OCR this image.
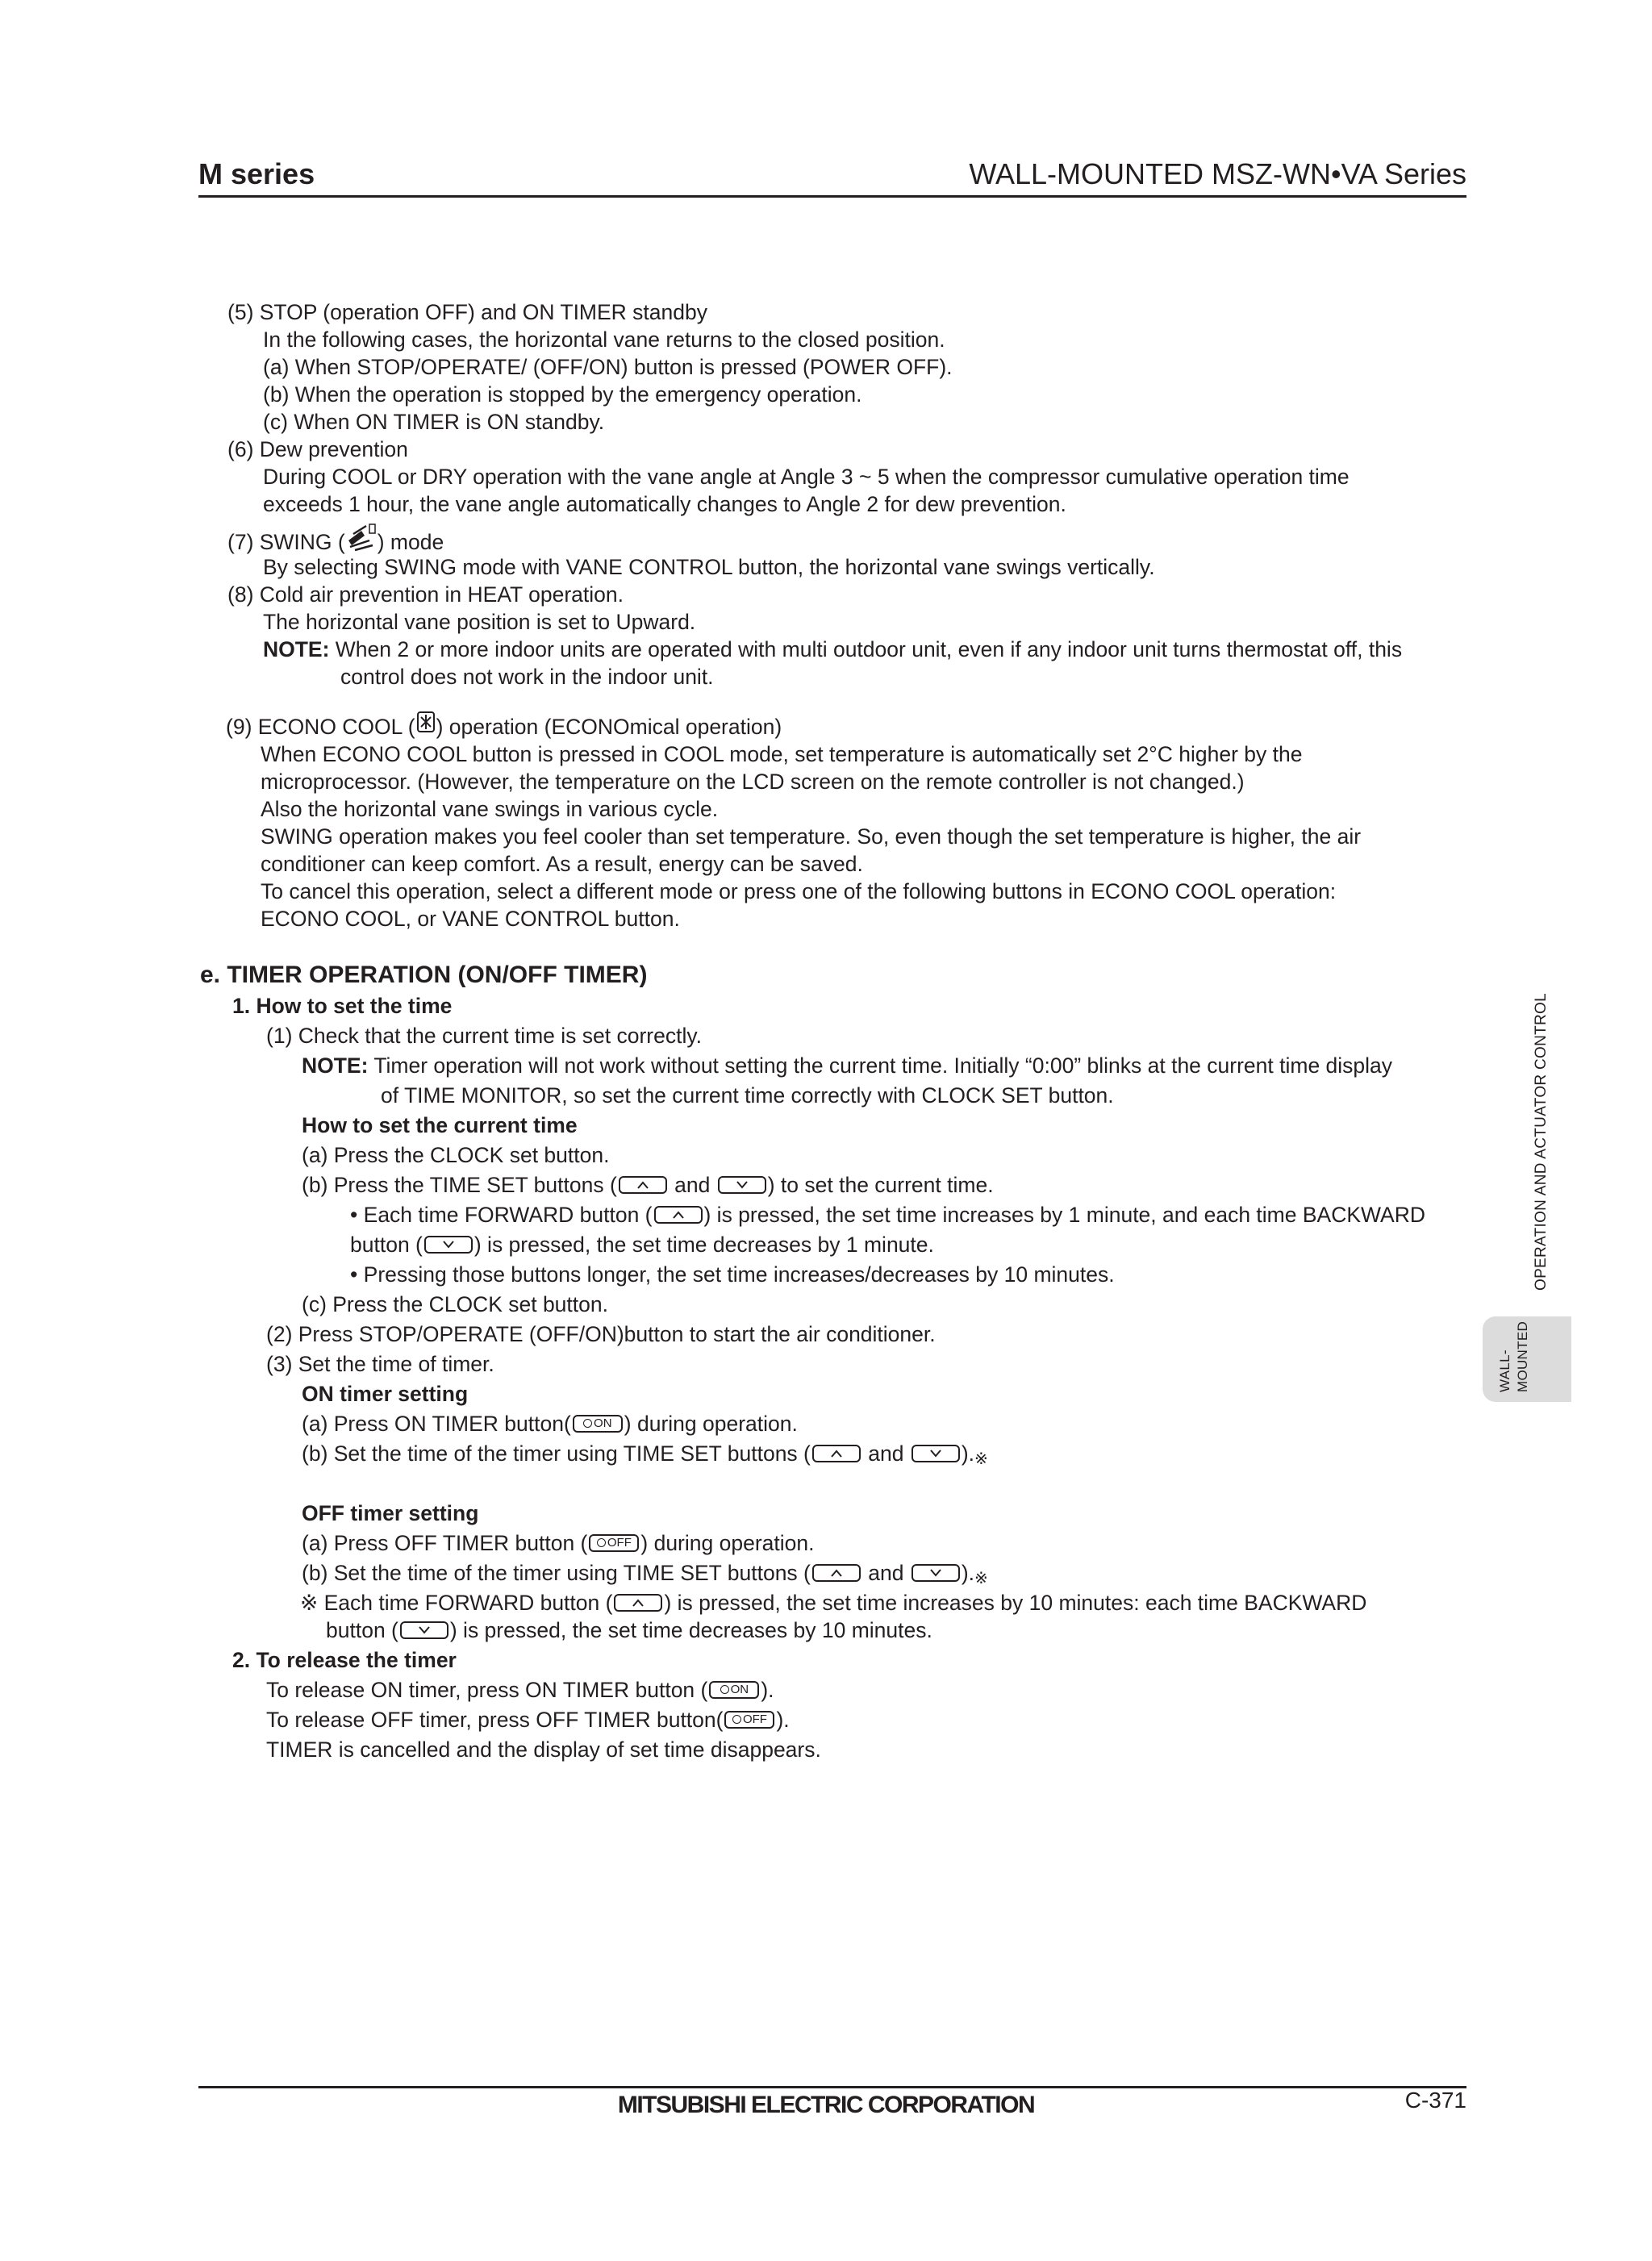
M series	WALL-MOUNTED MSZ-WN•VA Series
(5) STOP (operation OFF) and ON TIMER standby
In the following cases, the horizontal vane returns to the closed position.
(a) When STOP/OPERATE/ (OFF/ON) button is pressed (POWER OFF).
(b) When the operation is stopped by the emergency operation.
(c) When ON TIMER is ON standby.
(6) Dew prevention
During COOL or DRY operation with the vane angle at Angle 3 ~ 5 when the compressor cumulative operation time
exceeds 1 hour, the vane angle automatically changes to Angle 2 for dew prevention.
(7) SWING ( ) mode
By selecting SWING mode with VANE CONTROL button, the horizontal vane swings vertically.
(8) Cold air prevention in HEAT operation.
The horizontal vane position is set to Upward.
NOTE: When 2 or more indoor units are operated with multi outdoor unit, even if any indoor unit turns thermostat off, this
control does not work in the indoor unit.
(9) ECONO COOL ( ) operation (ECONOmical operation)
When ECONO COOL button is pressed in COOL mode, set temperature is automatically set 2°C higher by the
microprocessor. (However, the temperature on the LCD screen on the remote controller is not changed.)
Also the horizontal vane swings in various cycle.
SWING operation makes you feel cooler than set temperature. So, even though the set temperature is higher, the air
conditioner can keep comfort. As a result, energy can be saved.
To cancel this operation, select a different mode or press one of the following buttons in ECONO COOL operation:
ECONO COOL, or VANE CONTROL button.
e. TIMER OPERATION (ON/OFF TIMER)
1. How to set the time
(1) Check that the current time is set correctly.
NOTE: Timer operation will not work without setting the current time. Initially “0:00” blinks at the current time display
of TIME MONITOR, so set the current time correctly with CLOCK SET button.
How to set the current time
(a) Press the CLOCK set button.
(b) Press the TIME SET buttons (
and
) to set the current time.
• Each time FORWARD button ( ) is pressed, the set time increases by 1 minute, and each time BACKWARD
button ( ) is pressed, the set time decreases by 1 minute.
• Pressing those buttons longer, the set time increases/decreases by 10 minutes.
(c) Press the CLOCK set button.
(2) Press STOP/OPERATE (OFF/ON)button to start the air conditioner.
(3) Set the time of timer.
ON timer setting
(a) Press ON TIMER button( ON ) during operation.
(b) Set the time of the timer using TIME SET buttons (
and
).※
OFF timer setting
(a) Press OFF TIMER button ( OFF ) during operation.
(b) Set the time of the timer using TIME SET buttons (
and
).※
※ Each time FORWARD button ( ) is pressed, the set time increases by 10 minutes: each time BACKWARD
button ( ) is pressed, the set time decreases by 10 minutes.
2. To release the timer
To release ON timer, press ON TIMER button ( ON ).
To release OFF timer, press OFF TIMER button( OFF ).
TIMER is cancelled and the display of set time disappears.
OPERATION AND ACTUATOR CONTROL
WALL- MOUNTED
MITSUBISHI ELECTRIC CORPORATION	C-371
